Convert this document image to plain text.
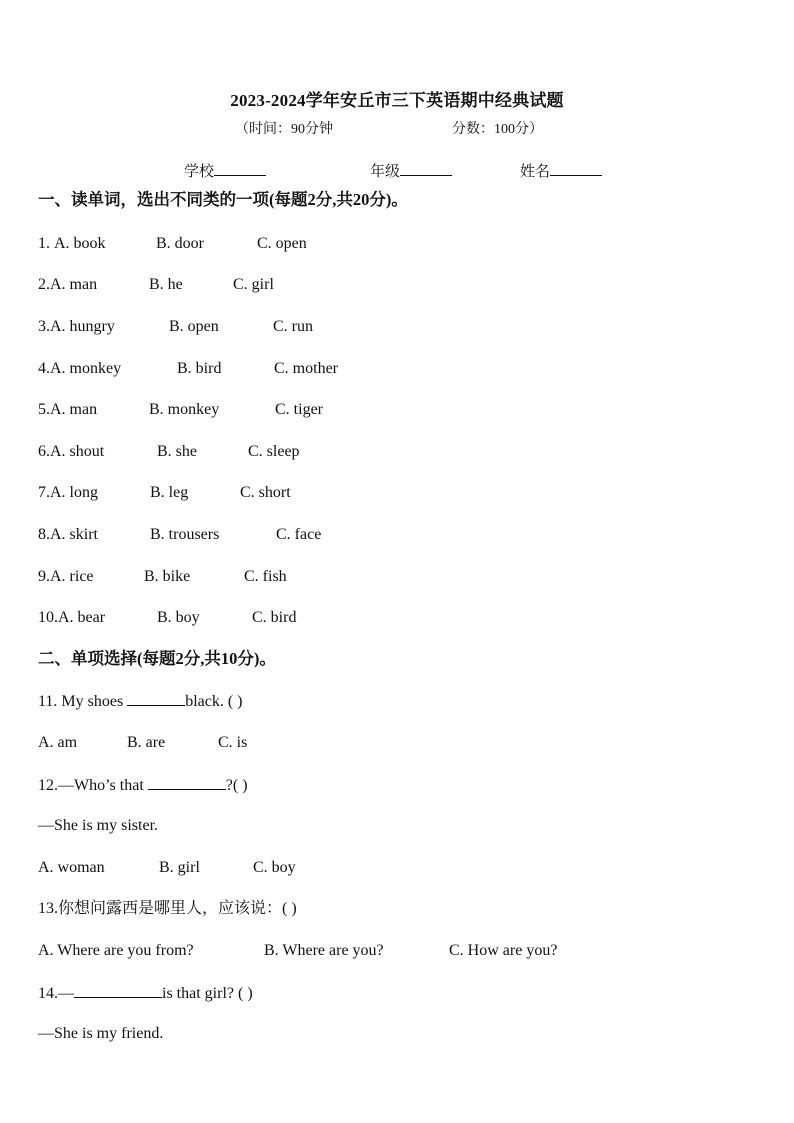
2023-2024学年安丘市三下英语期中经典试题
（时间：90分钟	分数：100分）
学校	年级	姓名
一、读单词，选出不同类的一项(每题2分,共20分)。
1. A. book	B. door	C. open
2.A. man	B. he	C. girl
3.A. hungry	B. open	C. run
4.A. monkey	B. bird	C. mother
5.A. man	B. monkey	C. tiger
6.A. shout	B. she	C. sleep
7.A. long	B. leg	C. short
8.A. skirt	B. trousers	C. face
9.A. rice	B. bike	C. fish
10.A. bear	B. boy	C. bird
二、单项选择(每题2分,共10分)。
11. My shoes	black. ( )
A. am	B. are	C. is
12.—Who’s that	?( )
—She is my sister.
A. woman	B. girl	C. boy
13.你想问露西是哪里人，应该说：( )
A. Where are you from?	B. Where are you?	C. How are you?
14.—	is that girl? ( )
—She is my friend.
